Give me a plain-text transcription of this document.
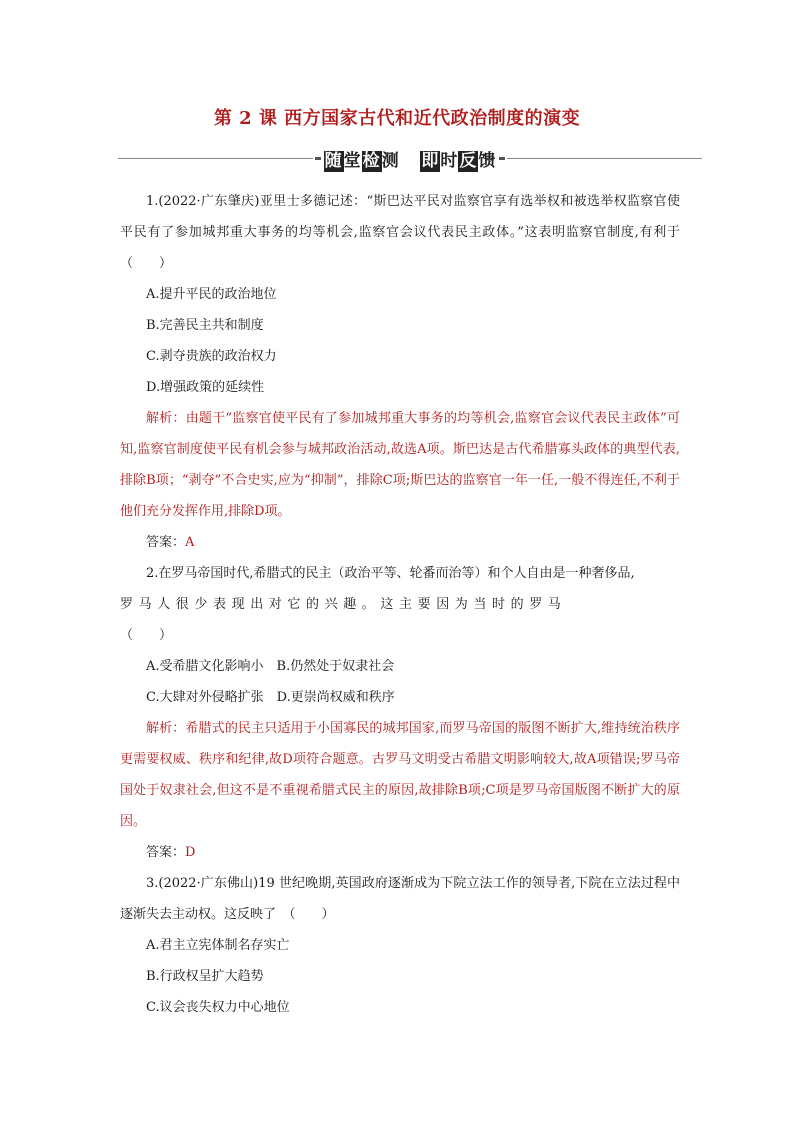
第 2 课 西方国家古代和近代政治制度的演变
随堂检测 即时反馈

1.(2022·广东肇庆)亚里士多德记述：“斯巴达平民对监察官享有选举权和被选举权监察官使平民有了参加城邦重大事务的均等机会,监察官会议代表民主政体。”这表明监察官制度,有利于　（　　）

A.提升平民的政治地位

B.完善民主共和制度

C.剥夺贵族的政治权力

D.增强政策的延续性

解析：由题干“监察官使平民有了参加城邦重大事务的均等机会,监察官会议代表民主政体”可知,监察官制度使平民有机会参与城邦政治活动,故选A项。斯巴达是古代希腊寡头政体的典型代表,排除B项；“剥夺”不合史实,应为“抑制”，排除C项;斯巴达的监察官一年一任,一般不得连任,不利于他们充分发挥作用,排除D项。

答案：A

2.在罗马帝国时代,希腊式的民主（政治平等、轮番而治等）和个人自由是一种奢侈品,

罗马人很少表现出对它的兴趣。这主要因为当时的罗马

（　　）

A.受希腊文化影响小　B.仍然处于奴隶社会

C.大肆对外侵略扩张　D.更崇尚权威和秩序

解析：希腊式的民主只适用于小国寡民的城邦国家,而罗马帝国的版图不断扩大,维持统治秩序更需要权威、秩序和纪律,故D项符合题意。古罗马文明受古希腊文明影响较大,故A项错误;罗马帝国处于奴隶社会,但这不是不重视希腊式民主的原因,故排除B项;C项是罗马帝国版图不断扩大的原因。

答案：D

3.(2022·广东佛山)19 世纪晚期,英国政府逐渐成为下院立法工作的领导者,下院在立法过程中逐渐失去主动权。这反映了　（　　）

A.君主立宪体制名存实亡

B.行政权呈扩大趋势

C.议会丧失权力中心地位
